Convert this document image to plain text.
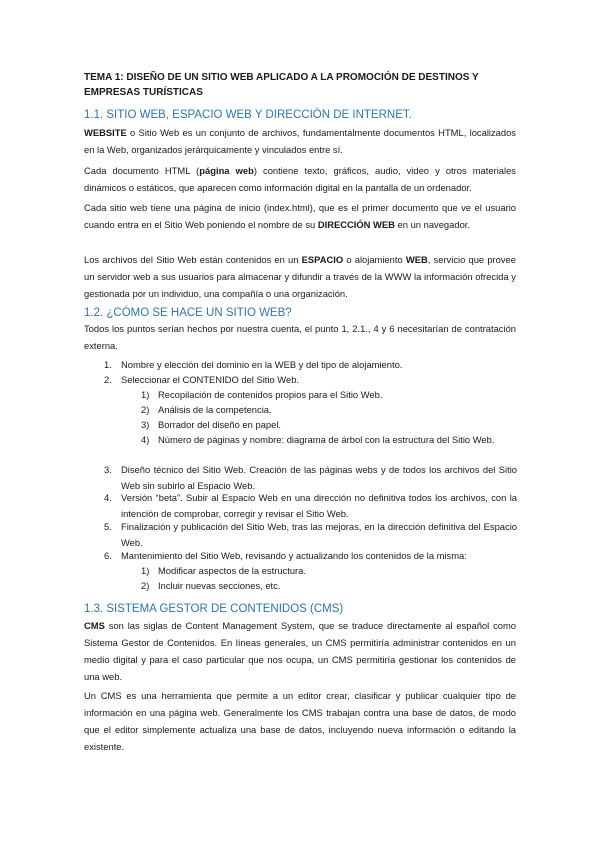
TEMA 1: DISEÑO DE UN SITIO WEB APLICADO A LA PROMOCIÓN DE DESTINOS Y EMPRESAS TURÍSTICAS

1.1. SITIO WEB, ESPACIO WEB Y DIRECCIÓN DE INTERNET.

WEBSITE o Sitio Web es un conjunto de archivos, fundamentalmente documentos HTML, localizados en la Web, organizados jerárquicamente y vinculados entre sí.

Cada documento HTML (página web) contiene texto, gráficos, audio, video y otros materiales dinámicos o estáticos, que aparecen como información digital en la pantalla de un ordenador.

Cada sitio web tiene una página de inicio (index.html), que es el primer documento que ve el usuario cuando entra en el Sitio Web poniendo el nombre de su DIRECCIÓN WEB en un navegador.

Los archivos del Sitio Web están contenidos en un ESPACIO o alojamiento WEB, servicio que provee un servidor web a sus usuarios para almacenar y difundir a través de la WWW la información ofrecida y gestionada por un individuo, una compañía o una organización.

1.2. ¿CÓMO SE HACE UN SITIO WEB?

Todos los puntos serían hechos por nuestra cuenta, el punto 1, 2.1., 4 y 6 necesitarían de contratación externa.

1. Nombre y elección del dominio en la WEB y del tipo de alojamiento.

2. Seleccionar el CONTENIDO del Sitio Web.

1) Recopilación de contenidos propios para el Sitio Web.

2) Análisis de la competencia.

3) Borrador del diseño en papel.

4) Número de páginas y nombre: diagrama de árbol con la estructura del Sitio Web.

3. Diseño técnico del Sitio Web. Creación de las páginas webs y de todos los archivos del Sitio Web sin subirlo al Espacio Web.

4. Versión “beta”. Subir al Espacio Web en una dirección no definitiva todos los archivos, con la intención de comprobar, corregir y revisar el Sitio Web.

5. Finalización y publicación del Sitio Web, tras las mejoras, en la dirección definitiva del Espacio Web.

6. Mantenimiento del Sitio Web, revisando y actualizando los contenidos de la misma:

1) Modificar aspectos de la estructura.

2) Incluir nuevas secciones, etc.

1.3. SISTEMA GESTOR DE CONTENIDOS (CMS)

CMS son las siglas de Content Management System, que se traduce directamente al español como Sistema Gestor de Contenidos. En líneas generales, un CMS permitiría administrar contenidos en un medio digital y para el caso particular que nos ocupa, un CMS permitiría gestionar los contenidos de una web.

Un CMS es una herramienta que permite a un editor crear, clasificar y publicar cualquier tipo de información en una página web. Generalmente los CMS trabajan contra una base de datos, de modo que el editor simplemente actualiza una base de datos, incluyendo nueva información o editando la existente.
